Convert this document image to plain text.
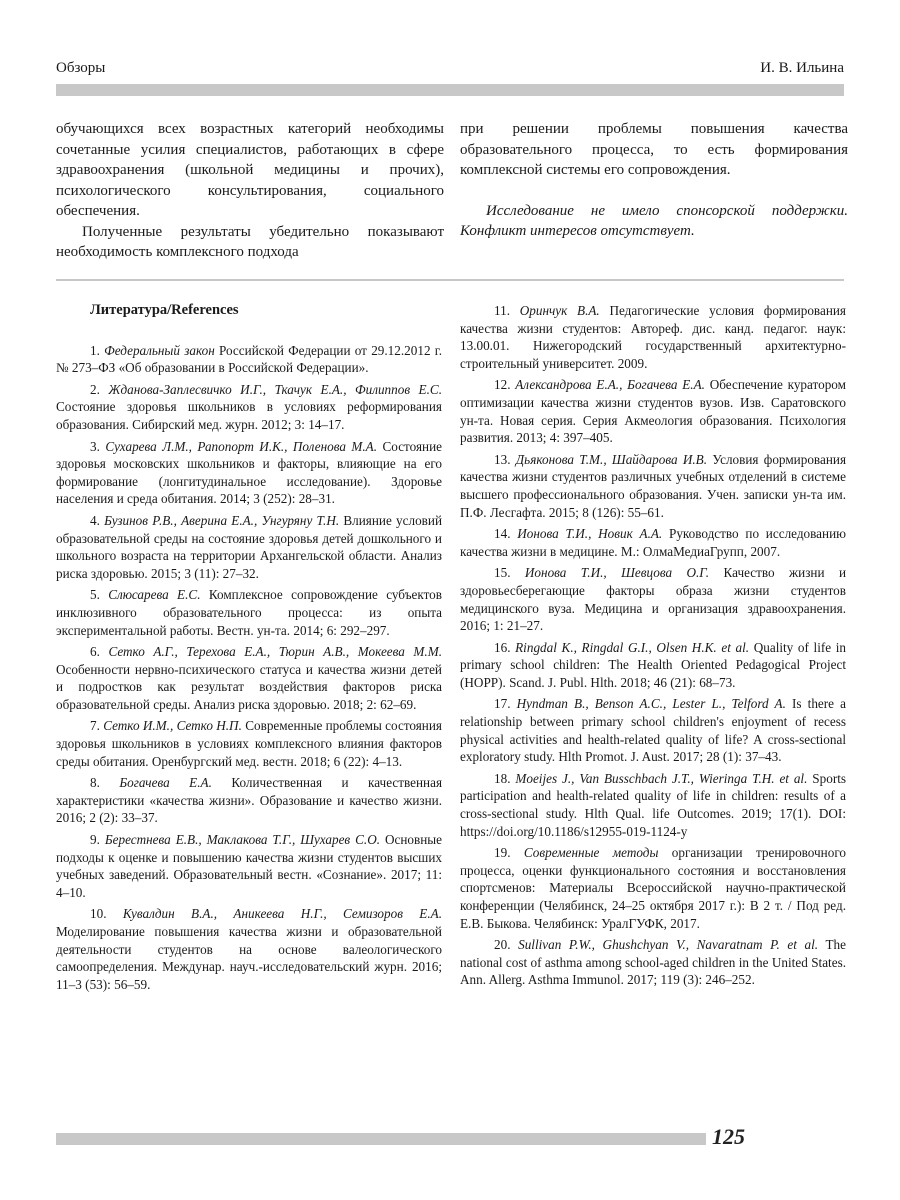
Обзоры	И. В. Ильина

обучающихся всех возрастных категорий необходимы сочетанные усилия специалистов, работающих в сфере здравоохранения (школьной медицины и прочих), психологического консультирования, социального обеспечения.

Полученные результаты убедительно показывают необходимость комплексного подхода

при решении проблемы повышения качества образовательного процесса, то есть формирования комплексной системы его сопровождения.

Исследование не имело спонсорской поддержки. Конфликт интересов отсутствует.

Литература/References

1. Федеральный закон Российской Федерации от 29.12.2012 г. № 273–ФЗ «Об образовании в Российской Федерации».

2. Жданова-Заплесвичко И.Г., Ткачук Е.А., Филиппов Е.С. Состояние здоровья школьников в условиях реформирования образования. Сибирский мед. журн. 2012; 3: 14–17.

3. Сухарева Л.М., Рапопорт И.К., Поленова М.А. Состояние здоровья московских школьников и факторы, влияющие на его формирование (лонгитудинальное исследование). Здоровье населения и среда обитания. 2014; 3 (252): 28–31.

4. Бузинов Р.В., Аверина Е.А., Унгуряну Т.Н. Влияние условий образовательной среды на состояние здоровья детей дошкольного и школьного возраста на территории Архангельской области. Анализ риска здоровью. 2015; 3 (11): 27–32.

5. Слюсарева Е.С. Комплексное сопровождение субъектов инклюзивного образовательного процесса: из опыта экспериментальной работы. Вестн. ун-та. 2014; 6: 292–297.

6. Сетко А.Г., Терехова Е.А., Тюрин А.В., Мокеева М.М. Особенности нервно-психического статуса и качества жизни детей и подростков как результат воздействия факторов риска образовательной среды. Анализ риска здоровью. 2018; 2: 62–69.

7. Сетко И.М., Сетко Н.П. Современные проблемы состояния здоровья школьников в условиях комплексного влияния факторов среды обитания. Оренбургский мед. вестн. 2018; 6 (22): 4–13.

8. Богачева Е.А. Количественная и качественная характеристики «качества жизни». Образование и качество жизни. 2016; 2 (2): 33–37.

9. Берестнева Е.В., Маклакова Т.Г., Шухарев С.О. Основные подходы к оценке и повышению качества жизни студентов высших учебных заведений. Образовательный вестн. «Сознание». 2017; 11: 4–10.

10. Кувалдин В.А., Аникеева Н.Г., Семизоров Е.А. Моделирование повышения качества жизни и образовательной деятельности студентов на основе валеологического самоопределения. Междунар. науч.-исследовательский журн. 2016; 11–3 (53): 56–59.

11. Оринчук В.А. Педагогические условия формирования качества жизни студентов: Автореф. дис. канд. педагог. наук: 13.00.01. Нижегородский государственный архитектурно-строительный университет. 2009.

12. Александрова Е.А., Богачева Е.А. Обеспечение куратором оптимизации качества жизни студентов вузов. Изв. Саратовского ун-та. Новая серия. Серия Акмеология образования. Психология развития. 2013; 4: 397–405.

13. Дьяконова Т.М., Шайдарова И.В. Условия формирования качества жизни студентов различных учебных отделений в системе высшего профессионального образования. Учен. записки ун-та им. П.Ф. Лесгафта. 2015; 8 (126): 55–61.

14. Ионова Т.И., Новик А.А. Руководство по исследованию качества жизни в медицине. М.: ОлмаМедиаГрупп, 2007.

15. Ионова Т.И., Шевцова О.Г. Качество жизни и здоровьесберегающие факторы образа жизни студентов медицинского вуза. Медицина и организация здравоохранения. 2016; 1: 21–27.

16. Ringdal K., Ringdal G.I., Olsen H.K. et al. Quality of life in primary school children: The Health Oriented Pedagogical Project (HOPP). Scand. J. Publ. Hlth. 2018; 46 (21): 68–73.

17. Hyndman B., Benson A.C., Lester L., Telford A. Is there a relationship between primary school children's enjoyment of recess physical activities and health-related quality of life? A cross-sectional exploratory study. Hlth Promot. J. Aust. 2017; 28 (1): 37–43.

18. Moeijes J., Van Busschbach J.T., Wieringa T.H. et al. Sports participation and health-related quality of life in children: results of a cross-sectional study. Hlth Qual. life Outcomes. 2019; 17(1). DOI: https://doi.org/10.1186/s12955-019-1124-y

19. Современные методы организации тренировочного процесса, оценки функционального состояния и восстановления спортсменов: Материалы Всероссийской научно-практической конференции (Челябинск, 24–25 октября 2017 г.): В 2 т. / Под ред. Е.В. Быкова. Челябинск: УралГУФК, 2017.

20. Sullivan P.W., Ghushchyan V., Navaratnam P. et al. The national cost of asthma among school-aged children in the United States. Ann. Allerg. Asthma Immunol. 2017; 119 (3): 246–252.

125
